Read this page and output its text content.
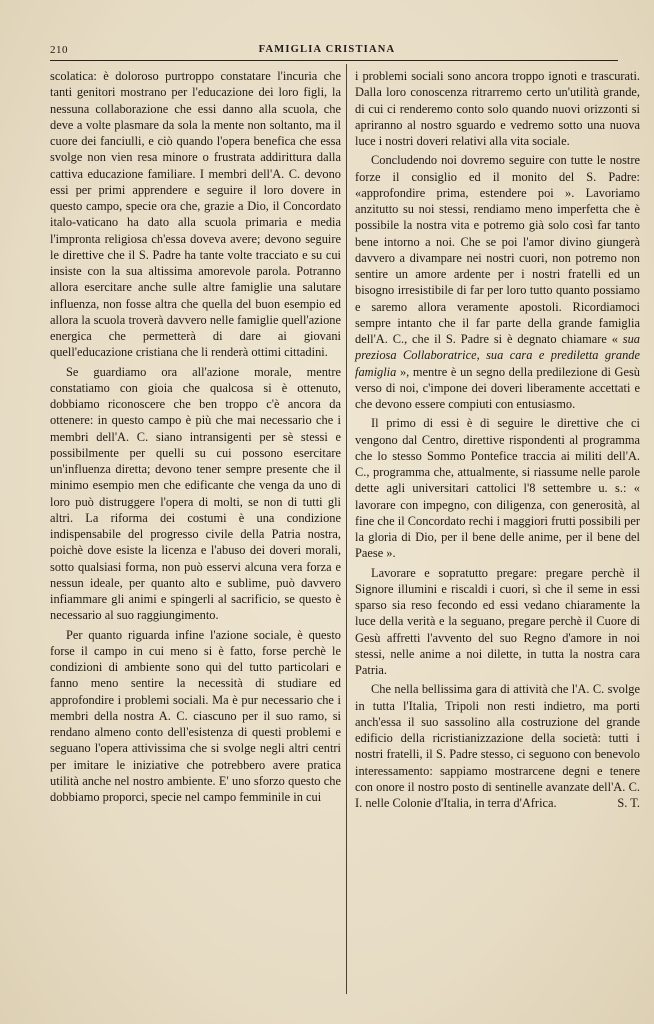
210	FAMIGLIA CRISTIANA

scolatica: è doloroso purtroppo constatare l'incuria che tanti genitori mostrano per l'educazione dei loro figli, la nessuna collaborazione che essi danno alla scuola, che deve a volte plasmare da sola la mente non soltanto, ma il cuore dei fanciulli, e ciò quando l'opera benefica che essa svolge non vien resa minore o frustrata addirittura dalla cattiva educazione familiare. I membri dell'A. C. devono essi per primi apprendere e seguire il loro dovere in questo campo, specie ora che, grazie a Dio, il Concordato italo-vaticano ha dato alla scuola primaria e media l'impronta religiosa ch'essa doveva avere; devono seguire le direttive che il S. Padre ha tante volte tracciato e su cui insiste con la sua altissima amorevole parola. Potranno allora esercitare anche sulle altre famiglie una salutare influenza, non fosse altra che quella del buon esempio ed allora la scuola troverà davvero nelle famiglie quell'azione energica che permetterà di dare ai giovani quell'educazione cristiana che li renderà ottimi cittadini.

Se guardiamo ora all'azione morale, mentre constatiamo con gioia che qualcosa si è ottenuto, dobbiamo riconoscere che ben troppo c'è ancora da ottenere: in questo campo è più che mai necessario che i membri dell'A. C. siano intransigenti per sè stessi e possibilmente per quelli su cui possono esercitare un'influenza diretta; devono tener sempre presente che il minimo esempio men che edificante che venga da uno di loro può distruggere l'opera di molti, se non di tutti gli altri. La riforma dei costumi è una condizione indispensabile del progresso civile della Patria nostra, poichè dove esiste la licenza e l'abuso dei doveri morali, sotto qualsiasi forma, non può esservi alcuna vera forza e nessun ideale, per quanto alto e sublime, può davvero infiammare gli animi e spingerli al sacrificio, se questo è necessario al suo raggiungimento.

Per quanto riguarda infine l'azione sociale, è questo forse il campo in cui meno si è fatto, forse perchè le condizioni di ambiente sono qui del tutto particolari e fanno meno sentire la necessità di studiare ed approfondire i problemi sociali. Ma è pur necessario che i membri della nostra A. C. ciascuno per il suo ramo, si rendano almeno conto dell'esistenza di questi problemi e seguano l'opera attivissima che si svolge negli altri centri per imitare le iniziative che potrebbero avere pratica utilità anche nel nostro ambiente. E' uno sforzo questo che dobbiamo proporci, specie nel campo femminile in cui

i problemi sociali sono ancora troppo ignoti e trascurati. Dalla loro conoscenza ritrarremo certo un'utilità grande, di cui ci renderemo conto solo quando nuovi orizzonti si apriranno al nostro sguardo e vedremo sotto una nuova luce i nostri doveri relativi alla vita sociale.

Concludendo noi dovremo seguire con tutte le nostre forze il consiglio ed il monito del S. Padre: «approfondire prima, estendere poi ». Lavoriamo anzitutto su noi stessi, rendiamo meno imperfetta che è possibile la nostra vita e potremo già solo così far tanto bene intorno a noi. Che se poi l'amor divino giungerà davvero a divampare nei nostri cuori, non potremo non sentire un amore ardente per i nostri fratelli ed un bisogno irresistibile di far per loro tutto quanto possiamo e saremo allora veramente apostoli. Ricordiamoci sempre intanto che il far parte della grande famiglia dell'A. C., che il S. Padre si è degnato chiamare « sua preziosa Collaboratrice, sua cara e prediletta grande famiglia », mentre è un segno della predilezione di Gesù verso di noi, c'impone dei doveri liberamente accettati e che devono essere compiuti con entusiasmo.

Il primo di essi è di seguire le direttive che ci vengono dal Centro, direttive rispondenti al programma che lo stesso Sommo Pontefice traccia ai militi dell'A. C., programma che, attualmente, si riassume nelle parole dette agli universitari cattolici l'8 settembre u. s.: « lavorare con impegno, con diligenza, con generosità, al fine che il Concordato rechi i maggiori frutti possibili per la gloria di Dio, per il bene delle anime, per il bene del Paese ».

Lavorare e sopratutto pregare: pregare perchè il Signore illumini e riscaldi i cuori, sì che il seme in essi sparso sia reso fecondo ed essi vedano chiaramente la luce della verità e la seguano, pregare perchè il Cuore di Gesù affretti l'avvento del suo Regno d'amore in noi stessi, nelle anime a noi dilette, in tutta la nostra cara Patria.

Che nella bellissima gara di attività che l'A. C. svolge in tutta l'Italia, Tripoli non resti indietro, ma porti anch'essa il suo sassolino alla costruzione del grande edificio della ricristianizzazione della società: tutti i nostri fratelli, il S. Padre stesso, ci seguono con benevolo interessamento: sappiamo mostrarcene degni e tenere con onore il nostro posto di sentinelle avanzate dell'A. C. I. nelle Colonie d'Italia, in terra d'Africa.	S. T.
